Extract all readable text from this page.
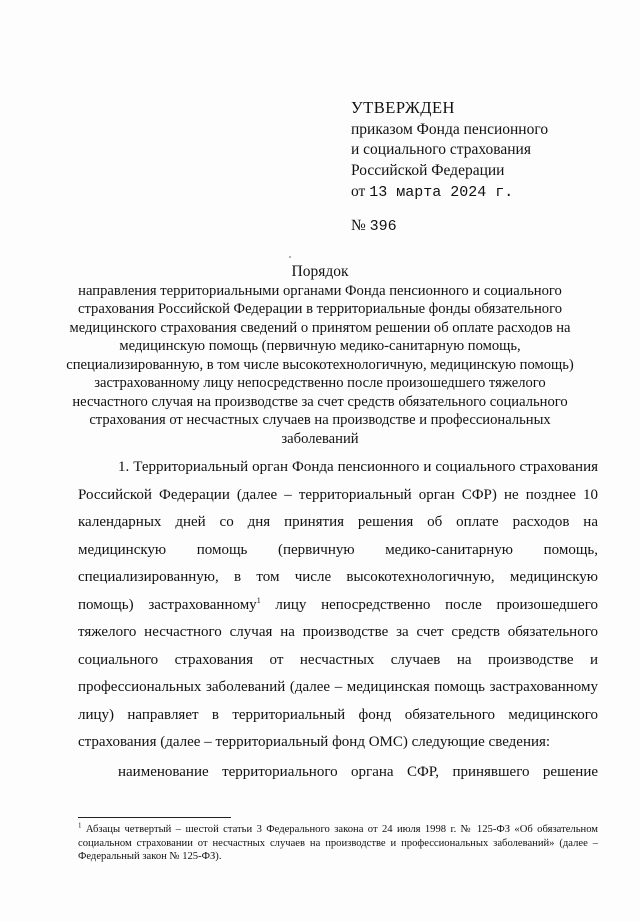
УТВЕРЖДЕН
приказом Фонда пенсионного
и социального страхования
Российской Федерации
от 13 марта 2024 г.
№ 396
Порядок
направления территориальными органами Фонда пенсионного и социального страхования Российской Федерации в территориальные фонды обязательного медицинского страхования сведений о принятом решении об оплате расходов на медицинскую помощь (первичную медико-санитарную помощь, специализированную, в том числе высокотехнологичную, медицинскую помощь) застрахованному лицу непосредственно после произошедшего тяжелого несчастного случая на производстве за счет средств обязательного социального страхования от несчастных случаев на производстве и профессиональных заболеваний

1. Территориальный орган Фонда пенсионного и социального страхования Российской Федерации (далее – территориальный орган СФР) не позднее 10 календарных дней со дня принятия решения об оплате расходов на медицинскую помощь (первичную медико-санитарную помощь, специализированную, в том числе высокотехнологичную, медицинскую помощь) застрахованному$^1$ лицу непосредственно после произошедшего тяжелого несчастного случая на производстве за счет средств обязательного социального страхования от несчастных случаев на производстве и профессиональных заболеваний (далее – медицинская помощь застрахованному лицу) направляет в территориальный фонд обязательного медицинского страхования (далее – территориальный фонд ОМС) следующие сведения:

наименование территориального органа СФР, принявшего решение

$^1$ Абзацы четвертый – шестой статьи 3 Федерального закона от 24 июля 1998 г. № 125-ФЗ «Об обязательном социальном страховании от несчастных случаев на производстве и профессиональных заболеваний» (далее – Федеральный закон № 125-ФЗ).
